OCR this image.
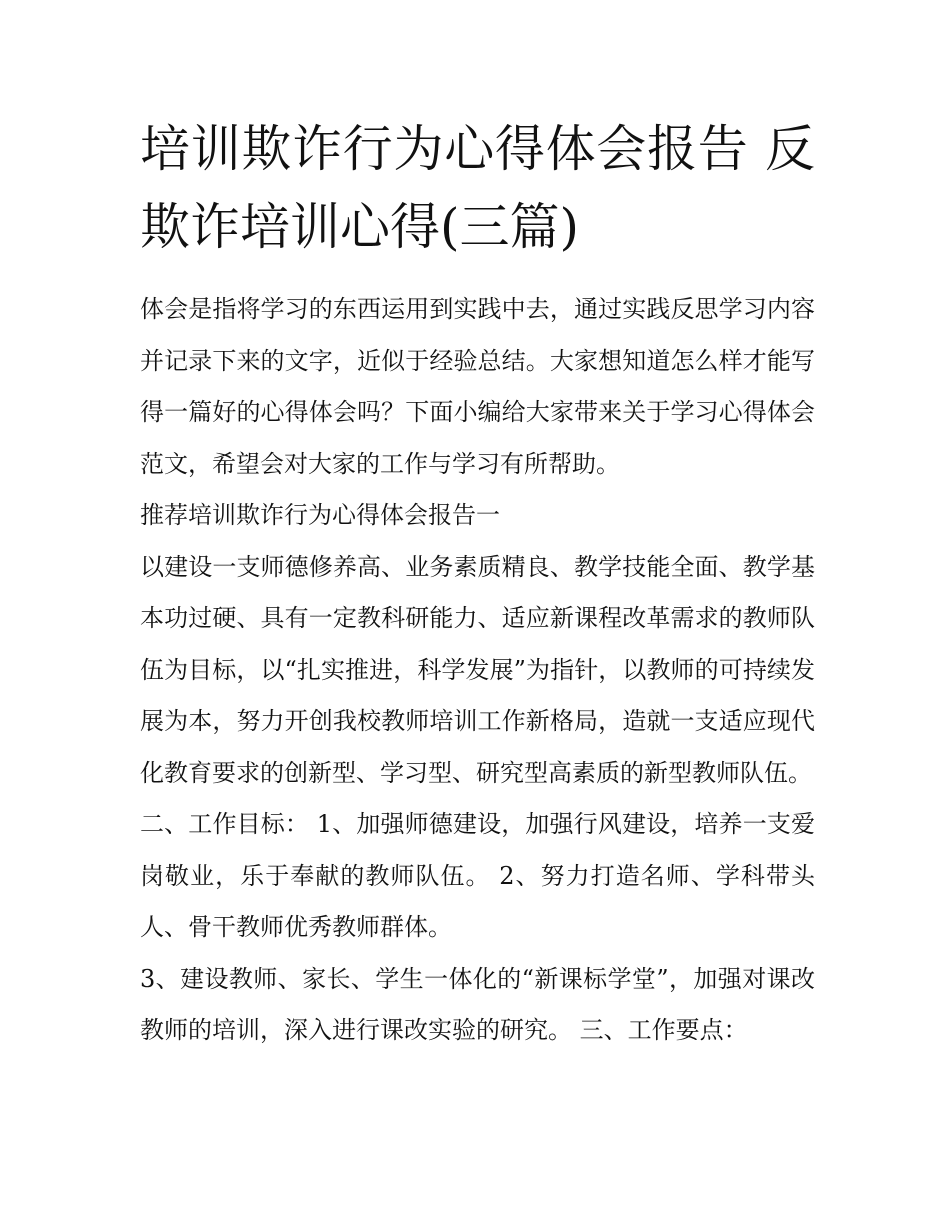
培训欺诈行为心得体会报告 反欺诈培训心得(三篇)

体会是指将学习的东西运用到实践中去，通过实践反思学习内容并记录下来的文字，近似于经验总结。大家想知道怎么样才能写得一篇好的心得体会吗？下面小编给大家带来关于学习心得体会范文，希望会对大家的工作与学习有所帮助。

推荐培训欺诈行为心得体会报告一

以建设一支师德修养高、业务素质精良、教学技能全面、教学基本功过硬、具有一定教科研能力、适应新课程改革需求的教师队伍为目标，以“扎实推进，科学发展”为指针，以教师的可持续发展为本，努力开创我校教师培训工作新格局，造就一支适应现代化教育要求的创新型、学习型、研究型高素质的新型教师队伍。

二、工作目标： 1、加强师德建设，加强行风建设，培养一支爱岗敬业，乐于奉献的教师队伍。 2、努力打造名师、学科带头人、骨干教师优秀教师群体。

3、建设教师、家长、学生一体化的“新课标学堂”，加强对课改教师的培训，深入进行课改实验的研究。 三、工作要点：
